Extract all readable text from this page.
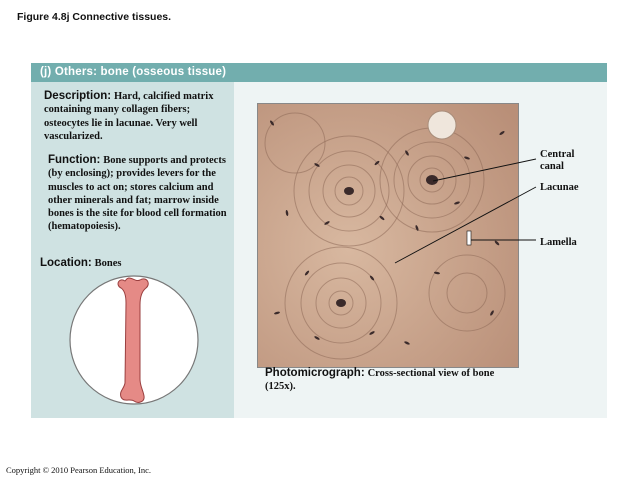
Figure 4.8j Connective tissues.
(j) Others: bone (osseous tissue)
Description: Hard, calcified matrix containing many collagen fibers; osteocytes lie in lacunae. Very well vascularized.
Function: Bone supports and protects (by enclosing); provides levers for the muscles to act on; stores calcium and other minerals and fat; marrow inside bones is the site for blood cell formation (hematopoiesis).
Location: Bones
Central canal
Lacunae
Lamella
Photomicrograph: Cross-sectional view of bone (125x).
Copyright © 2010 Pearson Education, Inc.
